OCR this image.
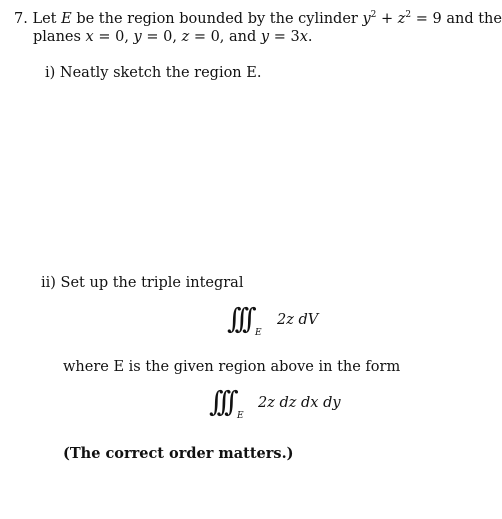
7. Let E be the region bounded by the cylinder $y^2 + z^2 = 9$ and the
planes x = 0, y = 0, z = 0, and y = 3x.
i) Neatly sketch the region E.
ii) Set up the triple integral
∫∫∫ E
2z dV
where E is the given region above in the form
∫∫∫ E
2z dz dx dy
(The correct order matters.)
